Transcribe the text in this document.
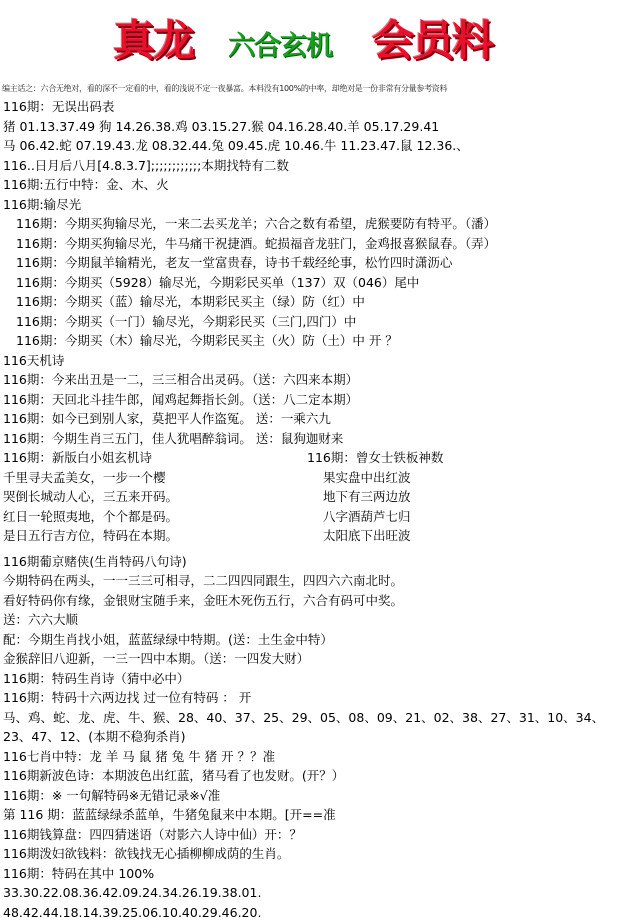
真龙 六合玄机 会员料
编主话之：六合无绝对，看的深不一定看的中，看的浅说不定一夜暴富。本料没有100%的中率，却绝对是一份非常有分量参考资料
116期：无误出码表
猪 01.13.37.49 狗 14.26.38.鸡 03.15.27.猴 04.16.28.40.羊 05.17.29.41
马 06.42.蛇 07.19.43.龙 08.32.44.兔 09.45.虎 10.46.牛 11.23.47.鼠 12.36.、
116..日月后八月[4.8.3.7];;;;;;;;;;;;本期找特有二数
116期:五行中特：金、木、火
116期:输尽光
116期：今期买狗输尽光，一来二去买龙羊；六合之数有希望，虎猴要防有特平。（潘）
116期：今期买狗输尽光，牛马痛干祝捷酒。蛇损福音龙驻门，金鸡报喜猴鼠春。（弄）
116期：今期鼠羊输精光，老友一堂富贵春，诗书千载经纶事，松竹四时潇沥心
116期：今期买（5928）输尽光，今期彩民买单（137）双（046）尾中
116期：今期买（蓝）输尽光，本期彩民买主（绿）防（红）中
116期：今期买（一门）输尽光，今期彩民买（三门,四门）中
116期：今期买（木）输尽光，今期彩民买主（火）防（土）中 开 ？
116天机诗
116期：今来出丑是一二，三三相合出灵码。（送：六四来本期）
116期：天回北斗挂牛郎，闻鸡起舞指长剑。（送：八二定本期）
116期：如今已到别人家，莫把平人作盗冤。 送：一乘六九
116期：今期生肖三五门，佳人犹唱醉翁词。 送：鼠狗迦财来
116期：新版白小姐玄机诗	116期：曾女士铁板神数
千里寻夫孟美女，一步一个樱	果实盘中出红波
哭倒长城动人心，三五来开码。	地下有三两边放
红日一轮照夷地，个个都是码。	八字酒葫芦七归
是日五行吉方位，特码在本期。	太阳底下出旺波
116期葡京赌侠(生肖特码八句诗)
今期特码在两头，一一三三可相寻，二二四四同跟生，四四六六南北时。
看好特码你有缘，金银财宝随手来，金旺木死伤五行，六合有码可中奖。
送：六六大顺
配：今期生肖找小姐，蓝蓝绿绿中特期。(送：土生金中特）
金猴辞旧八迎新，一三一四中本期。（送：一四发大财）
116期：特码生肖诗（猜中必中）
116期：特码十六两边找 过一位有特码 ： 开
马、鸡、蛇、龙、虎、牛、猴、28、40、37、25、29、05、08、09、21、02、38、27、31、10、34、
23、47、12、(本期不稳狗杀肖)
116七肖中特：龙 羊 马 鼠 猪 兔 牛 猪 开 ？？准
116期新波色诗：本期波色出红蓝，猪马看了也发财。(开？）
116期：※ 一句解特码※无错记录※√准
第 116 期：蓝蓝绿绿杀蓝单，牛猪兔鼠来中本期。[开==准
116期钱算盘：四四猜迷语（对影六人诗中仙）开：？
116期泼妇欲钱料：欲钱找无心插柳柳成荫的生肖。
116期：特码在其中 100%
33.30.22.08.36.42.09.24.34.26.19.38.01.
48.42.44.18.14.39.25.06.10.40.29.46.20.
